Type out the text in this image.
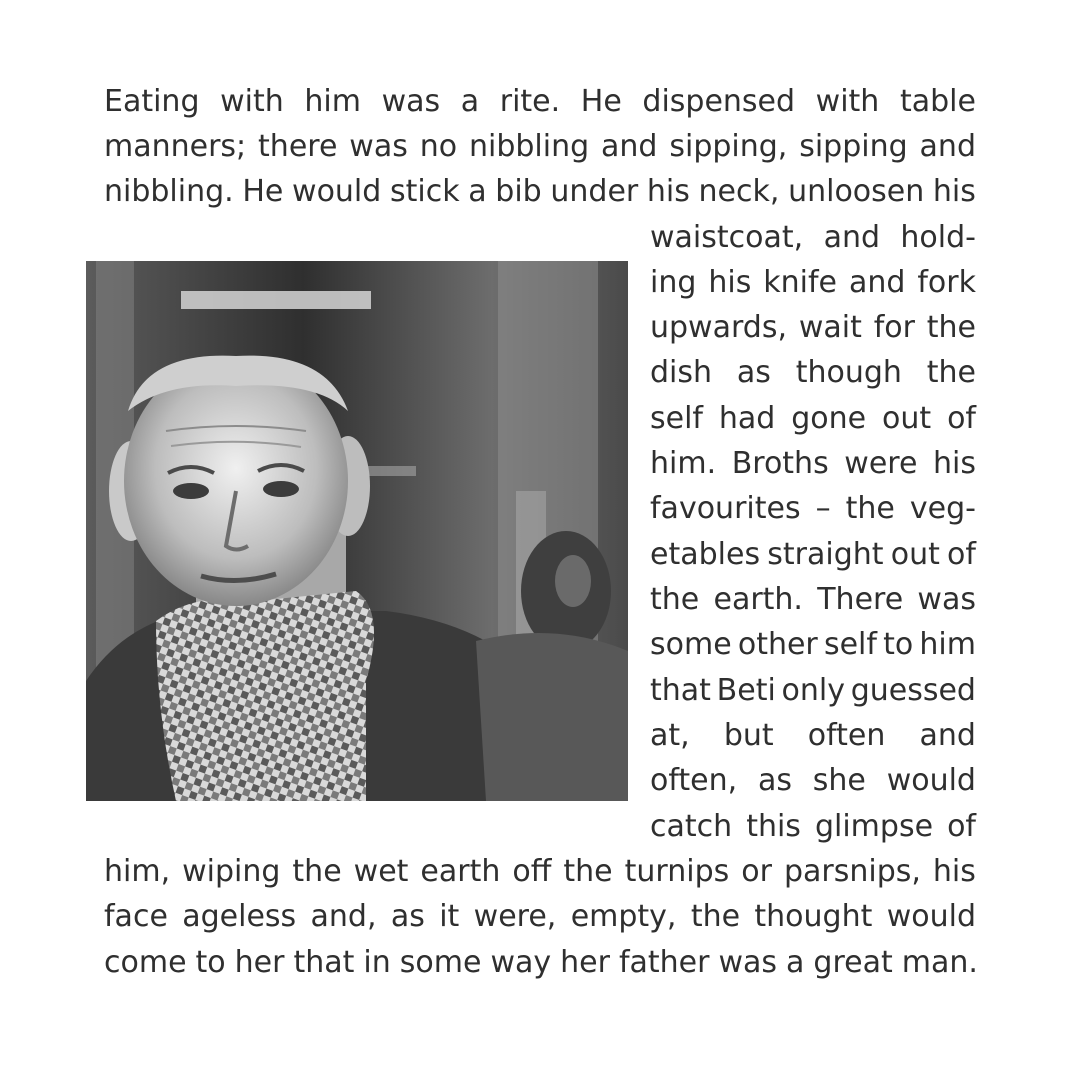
Eating with him was a rite. He dispensed with table
manners; there was no nibbling and sipping, sipping and
nibbling. He would stick a bib under his neck, unloosen his
waistcoat, and hold-
ing his knife and fork
upwards, wait for the
dish as though the
self had gone out of
him. Broths were his
favourites – the veg-
etables straight out of
the earth. There was
some other self to him
that Beti only guessed
at, but often and
often, as she would
catch this glimpse of
him, wiping the wet earth off the turnips or parsnips, his
face ageless and, as it were, empty, the thought would
come to her that in some way her father was a great man.
